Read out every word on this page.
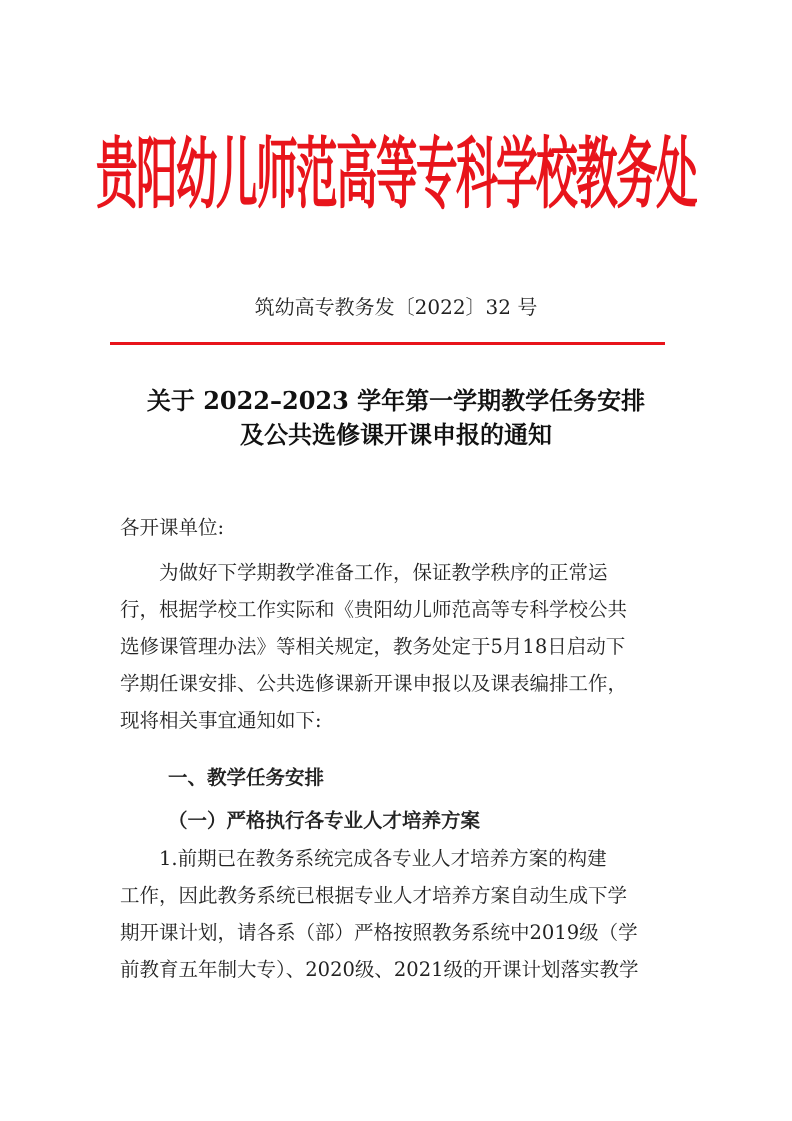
贵阳幼儿师范高等专科学校教务处
筑幼高专教务发〔2022〕32 号
关于 2022–2023 学年第一学期教学任务安排
及公共选修课开课申报的通知
各开课单位:
　　为做好下学期教学准备工作，保证教学秩序的正常运
行，根据学校工作实际和《贵阳幼儿师范高等专科学校公共
选修课管理办法》等相关规定，教务处定于5月18日启动下
学期任课安排、公共选修课新开课申报以及课表编排工作，
现将相关事宜通知如下:
一、教学任务安排
（一）严格执行各专业人才培养方案
　　1.前期已在教务系统完成各专业人才培养方案的构建
工作，因此教务系统已根据专业人才培养方案自动生成下学
期开课计划，请各系（部）严格按照教务系统中2019级（学
前教育五年制大专）、2020级、2021级的开课计划落实教学
